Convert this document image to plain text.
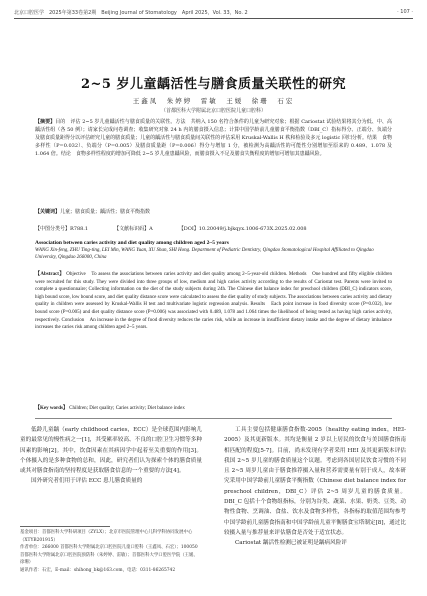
北京口腔医学　2025年第33卷第2期　Beijing Journal of Stomatology　April 2025，Vol. 33，No. 2	· 107 ·
2~5 岁儿童龋活性与膳食质量关联性的研究
王鑫凤　朱婷婷　雷敏　王媛　徐珊　石宏
（首都医科大学附属北京口腔医院儿童口腔科）
【摘要】目的　评估 2~5 岁儿童龋活性与膳食质量的关联性。方法　共纳入 150 名符合条件的儿童为研究对象；根据 Cariostat 试验结果将其分为低、中、高龋活性组（各 50 例）；请家长完成问卷调查；收集研究对象 24 h 内的膳食摄入信息；计算中国学龄前儿童膳食平衡指数（DBI_C）指标得分、正端分、负端分及膳食质量距得分以评估研究儿童的膳食质量；儿童的龋活性与膳食质量间关联性的评估采用 Kruskal-Wallis H 秩和检验及多元 logistic 回归分析。结果　食物多样性（P=0.032）、负端分（P=0.005）及膳食质量距（P=0.006）得分与增加 1 分，被检测为高龋活性的可能性分别增加至原来的 0.489、1.078 及 1.064 倍。结论　食物多样性程度的增加可降低 2~5 岁儿童患龋风险，而膳食摄入不足及膳食失衡程度的增加可增加其患龋风险。
【关键词】儿童；膳食质量；龋活性；膳食平衡指数
【中图分类号】R788.1	【文献标识码】A	【DOI】10.20049/j.bjkqyx.1006-673X.2025.02.008
Association between caries activity and diet quality among children aged 2~5 years
WANG Xin-feng, ZHU Ting-ting, LEI Min, WANG Yuan, XU Shan, SHI Hong. Department of Pediatric Dentistry, Qingdao Stomatological Hospital Affiliated to Qingdao University, Qingdao 266000, China
【Abstract】 Objective　To assess the associations between caries activity and diet quality among 2~5-year-old children. Methods　One hundred and fifty eligible children were recruited for this study. They were divided into three groups of low, medium and high caries activity according to the results of Cariostat test. Parents were invited to complete a questionnaire; Collecting information on the diet of the study subjects during 24h. The Chinese diet balance index for preschool children (DBI_C) indicators score, high bound score, low bound score, and diet quality distance score were calculated to assess the diet quality of study subjects. The associations between caries activity and dietary quality in children were assessed by Kruskal-Wallis H test and multivariate logistic regression analysis. Results　Each point increase in food diversity score (P=0.032), low bound score (P=0.005) and diet quality distance score (P=0.006) was associated with 0.489, 1.078 and 1.064 times the likelihood of being tested as having high caries activity, respectively. Conclusion　An increase in the degree of food diversity reduces the caries risk, while an increase in insufficient dietary intake and the degree of dietary imbalance increases the caries risk among children aged 2~5 years.
【Key words】 Children; Diet quality; Caries activity; Diet balance index

低龄儿童龋（early childhood caries，ECC）是全球范围内影响儿童的最常见的慢性病之一[1]，其受累率较高、不良的口腔卫生习惯等多种因素的影响[2]。其中，饮食因素在其病因学中起着至关重要的作用[3]。个体摄入的是多种食物的总和，因此，研究者们认为探索个体的膳食质量或其对膳食指南的坚持程度是获取膳食信息的一个重要的方法[4]。

国外研究者们用于评估 ECC 患儿膳食质量的

工具主要包括健康膳食指数-2005（healthy eating index，HEI-2005）及其更新版本。其均是衡量 2 岁以上居民的饮食与美国膳食指南相匹配的程度[5-7]。目前，尚未发现有学者采用 HEI 及其更新版本评估我国 2~5 岁儿童的膳食质量这个议题。考虑到各国居民饮食习惯的不同且 2~5 周岁儿童由于膳食推荐摄入量和营养需要量有别于成人，故本研究采用中国学龄前儿童膳食平衡指数（Chinese diet balance index for preschool children，DBI_C）评估 2~5 周岁儿童的膳食质量。DBI_C 包括十个食物组指标，分别为谷类、蔬菜、水果、奶类、豆类、动物性食物、烹调油、食盐、饮水及食物多样性，各指标的取值范围均参考中国学龄前儿童膳食指南和中国学龄前儿童平衡膳食宝塔制定[8]，通过比较摄入量与推荐量来评估膳食是否处于适宜状态。

Cariostat 龋活性检测已被证明是龋病风险评

基金项目：首都医科大学科研项目（ZYLX）；北京市医院管理中心儿科学科协同发展中心（XTYB201915）
作者单位：266000 首都医科大学附属北京口腔医院儿童口腔科（王鑫凤、石宏）；100050 首都医科大学附属北京口腔医院预防科（朱婷婷、雷敏）；首都医科大学口腔医学院（王媛、徐珊）
通讯作者：石宏，E-mail：shihong_bk@163.com，电话：0311-86265742
